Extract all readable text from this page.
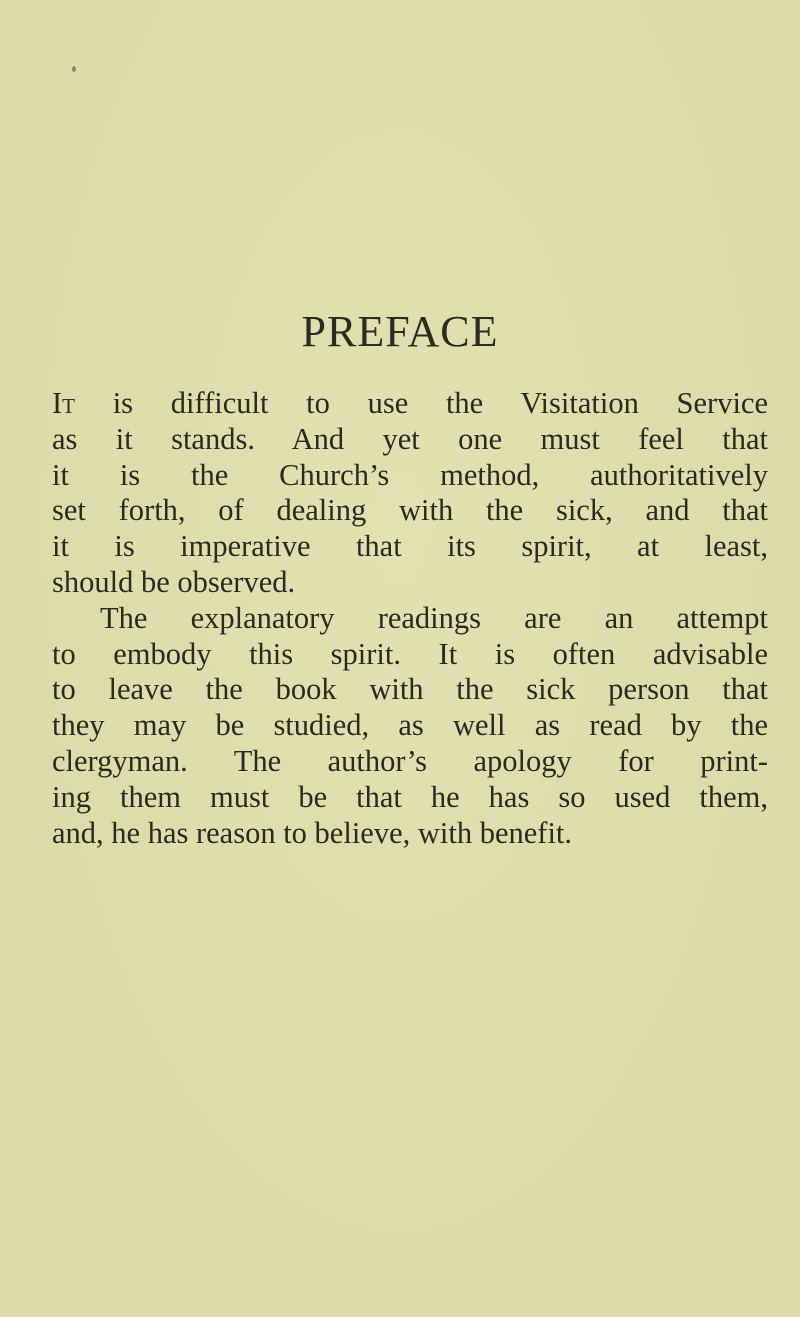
PREFACE
It is difficult to use the Visitation Service
as it stands. And yet one must feel that
it is the Church’s method, authoritatively
set forth, of dealing with the sick, and that
it is imperative that its spirit, at least,
should be observed.
The explanatory readings are an attempt
to embody this spirit. It is often advisable
to leave the book with the sick person that
they may be studied, as well as read by the
clergyman. The author’s apology for print-
ing them must be that he has so used them,
and, he has reason to believe, with benefit.
